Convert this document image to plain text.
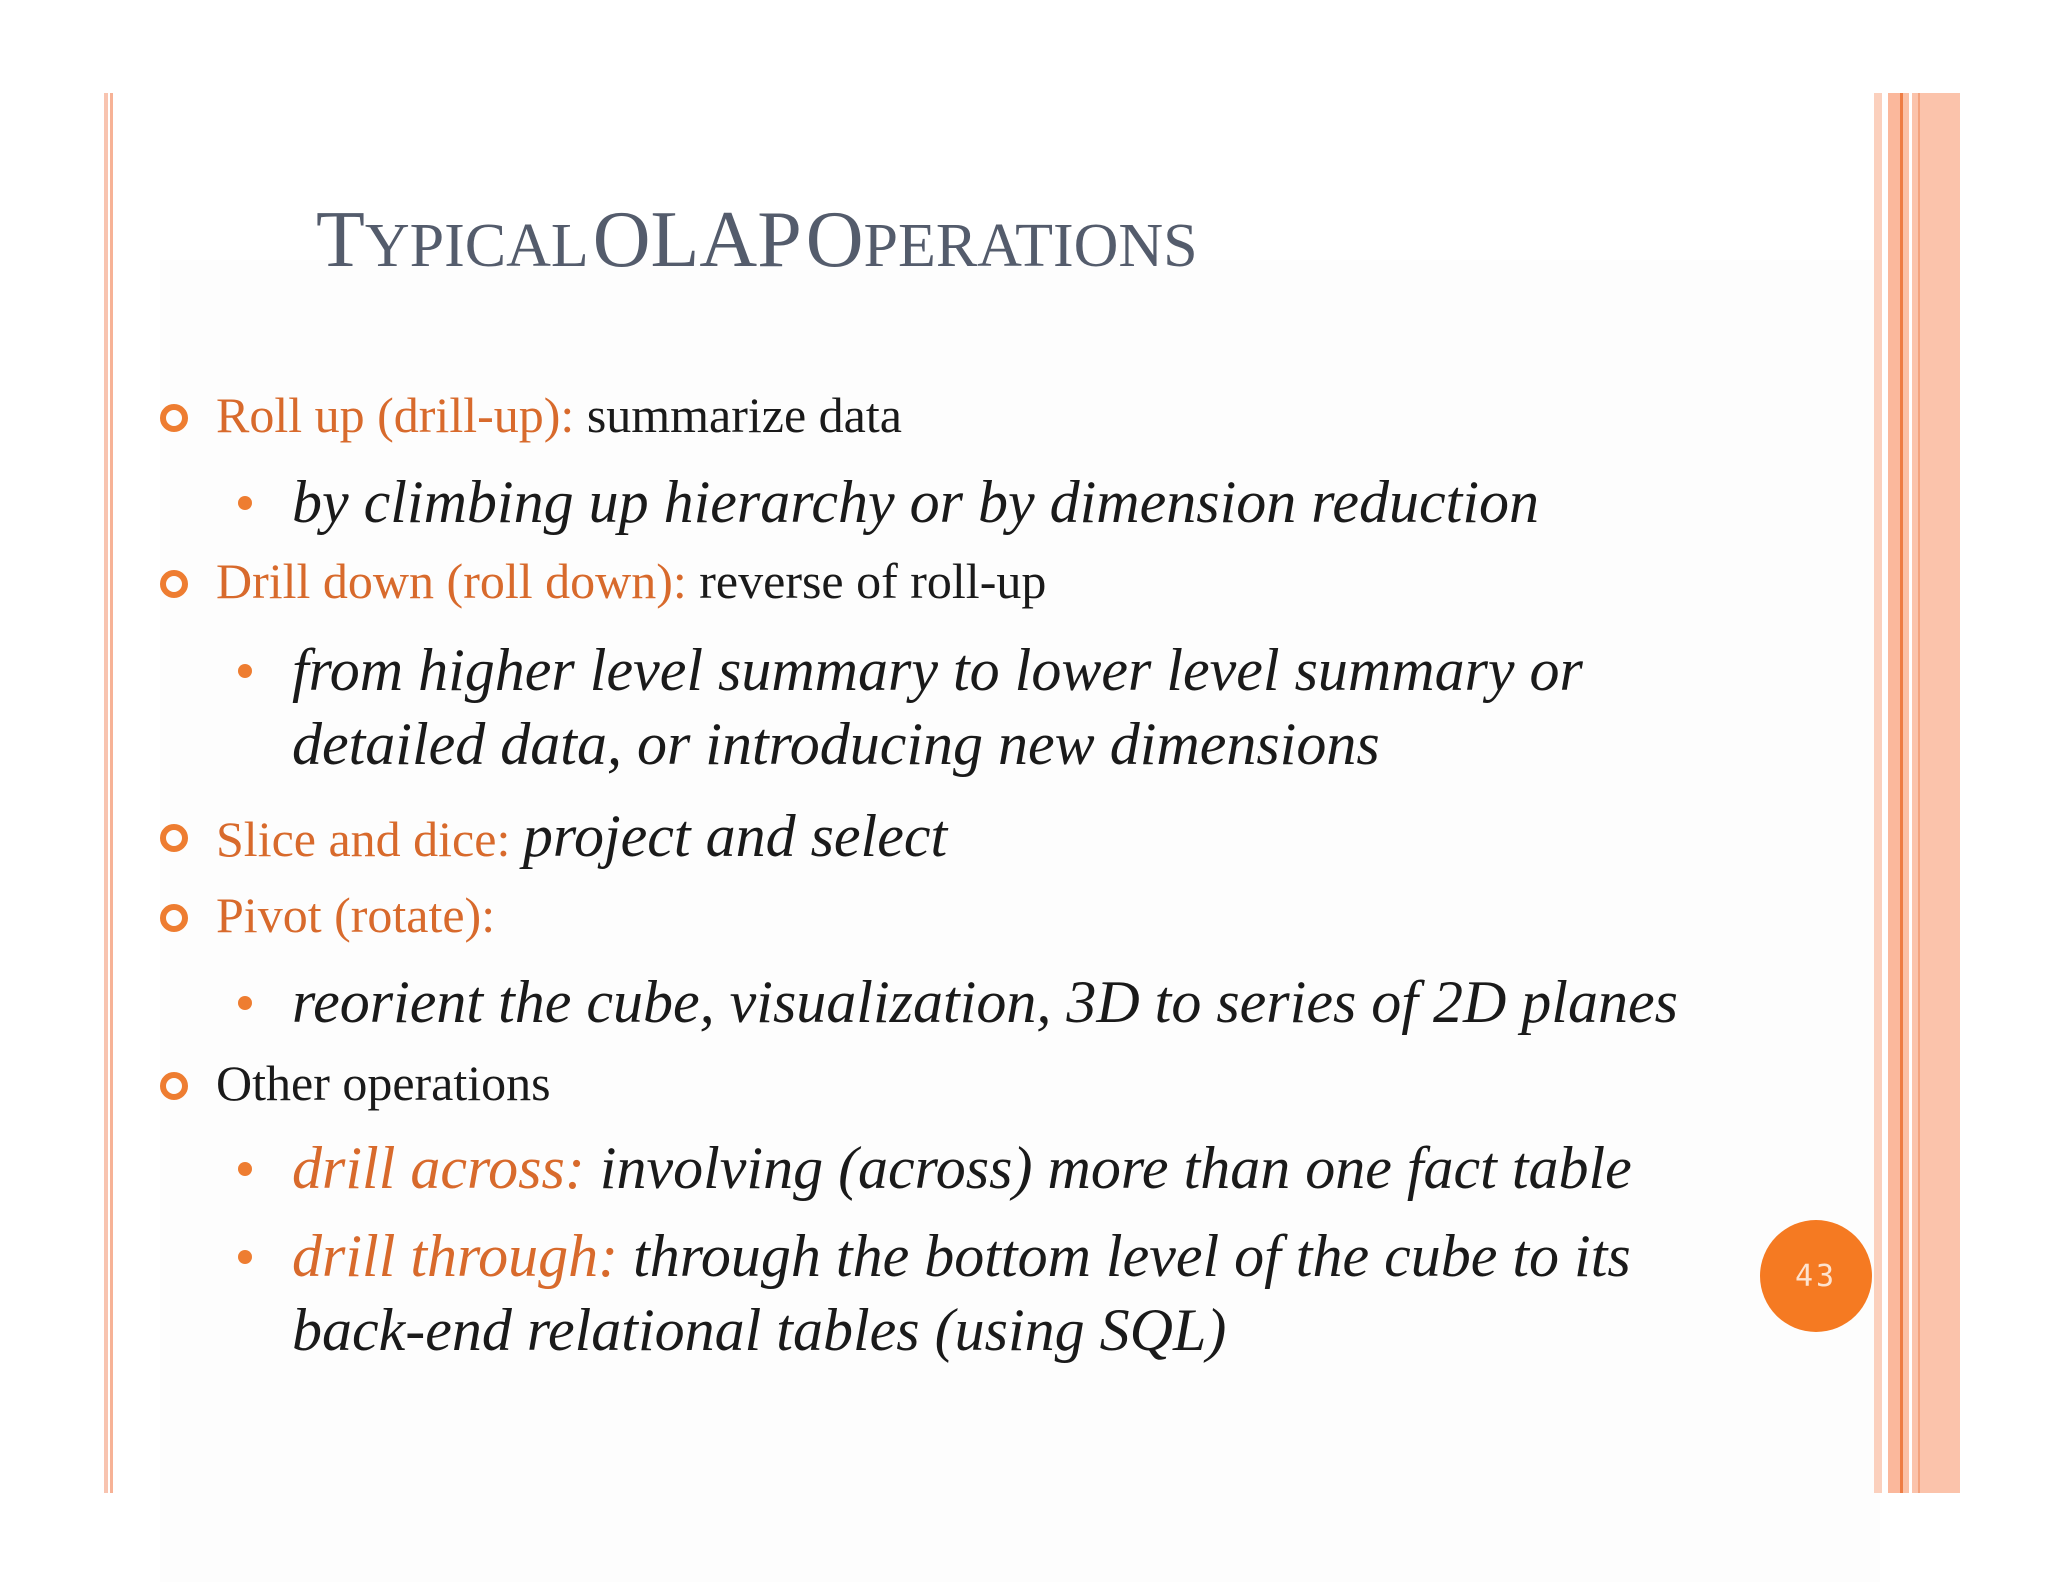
TYPICAL OLAP OPERATIONS
Roll up (drill-up): summarize data
by climbing up hierarchy or by dimension reduction
Drill down (roll down): reverse of roll-up
from higher level summary to lower level summary or
detailed data, or introducing new dimensions
Slice and dice: project and select
Pivot (rotate):
reorient the cube, visualization, 3D to series of 2D planes
Other operations
drill across: involving (across) more than one fact table
drill through: through the bottom level of the cube to its
back-end relational tables (using SQL)
43
